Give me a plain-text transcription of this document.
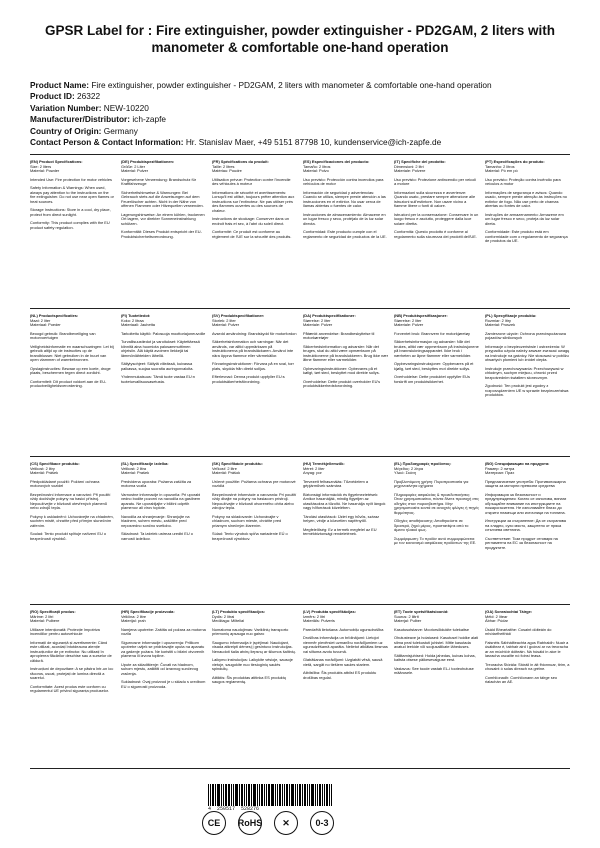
GPSR Label for : Fire extinguisher, powder extinguisher - PD2GAM, 2 liters with manometer & comfortable one-hand operation
Product Name: Fire extinguisher, powder extinguisher - PD2GAM, 2 liters with manometer & comfortable one-hand operation
Product ID: 26322
Variation Number: NEW-10220
Manufacturer/Distributor: ich-zapfe
Country of Origin: Germany
Contact Person & Contact Information: Hr. Stanislav Maer, +49 5151 87798 10, kundenservice@ich-zapfe.de

(EN) Product Specifications:

Size: 2 liters

Material: Powder

Intended Use: Fire protection for motor vehicles

Safety Information & Warnings: When used, always pay attention to the instructions on the fire extinguisher. Do not use near open flames or heat sources.

Storage Instructions: Store in a cool, dry place, protect from direct sunlight.

Conformity: This product complies with the EU product safety regulation.

(DE) Produktspezifikationen:

Größe: 2 Liter

Material: Pulver

Vorgesehene Verwendung: Brandschutz für Kraftfahrzeuge

Sicherheitshinweise & Warnungen: Bei Gebrauch stets auf die Anweisungen auf dem Feuerlöscher achten. Nicht in der Nähe von offenen Flammen oder Hitzequellen verwenden.

Lagerungshinweise: An einem kühlen, trockenen Ort lagern, vor direkter Sonneneinstrahlung schützen.

Konformität: Dieses Produkt entspricht der EU-Produktsicherheitsverordnung.

(FR) Spécifications du produit:

Taille: 2 litres

Matériau: Poudre

Utilisation prévue: Protection contre l'incendie des véhicules à moteur

Informations de sécurité et avertissements: Lorsqu'il est utilisé, toujours prêter attention aux instructions sur l'extincteur. Ne pas utiliser près des flammes ouvertes ou des sources de chaleur.

Instructions de stockage: Conserver dans un endroit frais et sec, à l'abri du soleil direct.

Conformité: Ce produit est conforme au règlement de l'UE sur la sécurité des produits.

(ES) Especificaciones del producto:

Tamaño: 2 litros

Material: Polvo

Uso previsto: Protección contra incendios para vehículos de motor

Información de seguridad y advertencias: Cuando se utiliza, siempre preste atención a las instrucciones en el extintor. No usar cerca de llamas abiertas o fuentes de calor.

Instrucciones de almacenamiento: Almacene en un lugar fresco y seco, protéjalo de la luz solar directa.

Conformidad: Este producto cumple con el reglamento de seguridad de productos de la UE.

(IT) Specifiche del prodotto:

Dimensioni: 2 litri

Materiale: Polvere

Uso previsto: Protezione antincendio per veicoli a motore

Informazioni sulla sicurezza e avvertenze: Quando usato, prestare sempre attenzione alle istruzioni sull'estintore. Non usare vicino a fiamme libere o fonti di calore.

Istruzioni per la conservazione: Conservare in un luogo fresco e asciutto, proteggere dalla luce solare diretta.

Conformità: Questo prodotto è conforme al regolamento sulla sicurezza dei prodotti dell'UE.

(PT) Especificações do produto:

Tamanho: 2 litros

Material: Pó em pó

Uso previsto: Proteção contra incêndio para veículos a motor

Informações de segurança e avisos: Quando usado, sempre preste atenção às instruções no extintor de fogo. Não use perto de chamas abertas ou fontes de calor.

Instruções de armazenamento: Armazene em um lugar fresco e seco, proteja da luz solar direta.

Conformidade: Este produto está em conformidade com o regulamento de segurança de produtos da UE.

(NL) Productspecificaties:

Maat: 2 liter

Materiaal: Poeder

Beoogd gebruik: Brandbeveiliging van motorvoertuigen

Veiligheidsinformatie en waarschuwingen: Let bij gebruik altijd op de instructies op de brandblusser. Niet gebruiken in de buurt van open vlammen of warmtebronnen.

Opslaginstructies: Bewaar op een koele, droge plaats, beschermen tegen direct zonlicht.

Conformiteit: Dit product voldoet aan de EU-productveiligheidsverordening.

(FI) Tuotetiedot:

Koko: 2 litraa

Materiaali: Jauhetta

Tarkoitettu käyttö: Palosuoja moottoriajoneuvoille

Turvallisuustiedot ja varoitukset: Käytettäessä kiinnitä aina huomiota palosammuttimen ohjeisiin. Älä käytä avoimen liekkejä tai lämmönlähteiden lähellä.

Säilytysohjeet: Säilytä viileässä, kuivassa paikassa, suojaa suoralta auringonvalolta.

Yhdenmukaisuus: Tämä tuote vastaa EU:n tuoteturvallisuusasetusta.

(SV) Produktspecifikationer:

Storlek: 2 liter

Material: Pulver

Avsedd användning: Brandskydd för motorfordon

Säkerhetsinformation och varningar: När det används, var alltid uppmärksam på instruktionerna på brandsläckaren. Använd inte nära öppna flammor eller värmekällor.

Förvaringsinstruktioner: Förvara på en sval, torr plats, skydda från direkt solljus.

Efterlevnad: Denna produkt uppfyller EU:s produktsäkerhetsförordning.

(DA) Produktspecifikationer:

Størrelse: 2 liter

Materiale: Pulver

Påtænkt anvendelse: Brandbeskyttelse til motorkøretøjer

Sikkerhedsinformation og advarsler: Når det bruges, skal du altid være opmærksom på instruktionerne på brandslukkeren. Brug ikke nær åbne flammer eller varmekilder.

Opbevaringsinstruktioner: Opbevares på et køligt, tørt sted, beskyttet mod direkte sollys.

Overholdelse: Dette produkt overholder EU's produktsikkerhedsforordning.

(NB) Produktspesifikasjoner:

Størrelse: 2 liter

Materiale: Pulver

Forventet bruk: Brannvern for motorkjøretøy

Sikkerhetsinformasjon og advarsler: Når det brukes, alltid vær oppmerksom på instruksjonene på brannslukningsapparatet. Ikke bruk i nærheten av åpne flammer eller varmekilder.

Oppbevaringsinstruksjoner: Oppbevares på et kjølig, tørt sted, beskyttes mot direkte sollys.

Overholdelse: Dette produktet oppfyller EUs forskrift om produktsikkerhet.

(PL) Specyfikacje produktu:

Rozmiar: 2 litry

Materiał: Proszek

Zamierzone użycie: Ochrona przeciwpożarowa pojazdów silnikowych

Informacje o bezpieczeństwie i ostrzeżenia: W przypadku użycia należy zawsze zwracać uwagę na instrukcje na gaśnicy. Nie stosować w pobliżu otwartych płomieni lub źródeł ciepła.

Instrukcje przechowywania: Przechowywać w chłodnym, suchym miejscu, chronić przed bezpośrednim światłem słonecznym.

Zgodność: Ten produkt jest zgodny z rozporządzeniem UE w sprawie bezpieczeństwa produktów.

(CS) Specifikace produktu:

Velikost: 2 litry

Materiál: Prášek

Předpokládané použití: Požární ochrana motorových vozidel

Bezpečnostní informace a varování: Při použití vždy dodržujte pokyny na hasicí přístroj. Nepoužívejte v blízkosti otevřených plamenů nebo zdrojů tepla.

Pokyny k uskladnění: Uchovávejte na chladném, suchém místě, chraňte před přímým slunečním zářením.

Soulad: Tento produkt splňuje nařízení EU o bezpečnosti výrobků.

(SL) Specifikacije izdelka:

Velikost: 2 litra

Material: Prašek

Predvidena uporaba: Požarna zaščita za motorna vozila

Varnostne informacije in opozorila: Pri uporabi vedno bodite pozorni na navodila na gasilnem aparatu. Ne uporabljajte v bližini odprtih plamenov ali virov toplote.

Navodila za shranjevanje: Shranjujte na hladnem, suhem mestu, zaščitite pred neposredno sončno svetlobo.

Skladnost: Ta izdelek ustreza uredbi EU o varnosti izdelkov.

(SK) Špecifikácie produktu:

Veľkosť: 2 litre

Materiál: Prášok

Určené použitie: Požiarna ochrana pre motorové vozidlá

Bezpečnostné informácie a varovania: Pri použití vždy dbajte na pokyny na hasiacom prístroji. Nepoužívajte v blízkosti otvoreného ohňa alebo zdrojov tepla.

Pokyny na skladovanie: Uchovávajte v chladnom, suchom mieste, chráňte pred priamym slnečným žiarením.

Súlad: Tento výrobok spĺňa nariadenie EÚ o bezpečnosti výrobkov.

(HU) Termékjellemzők:

Méret: 2 liter

Anyag: por

Tervezett felhasználás: Tűzvédelem a gépjárművek számára

Biztonsági információk és figyelmeztetések: Amikor használják, mindig figyeljen az utasításokra a tűzoltó. Ne használja nyílt lángok vagy hőforrások közelében.

Tárolási utasítások: Üzlet egy hűvös, száraz helyen, védje a közvetlen napfénytől.

Megfelelőség: Ez a termék megfelel az EU termékbiztonsági rendeletének.

(EL) Προδιαγραφές προϊόντος:

Μέγεθος: 2 λίτρα

Υλικό: Σκόνη

Προβλεπόμενη χρήση: Πυροπροστασία για μηχανοκίνητα οχήματα

Πληροφορίες ασφαλείας & προειδοποιήσεις: Όταν χρησιμοποιείται, πάντα δίνετε προσοχή στις οδηγίες στον πυροσβεστήρα. Μην χρησιμοποιείτε κοντά σε ανοιχτές φλόγες ή πηγές θερμότητας.

Οδηγίες αποθήκευσης: Αποθηκεύστε σε δροσερό, ξηρό μέρος, προστατέψτε από το άμεσο ηλιακό φως.

Συμμόρφωση: Το προϊόν αυτό συμμορφώνεται με τον κανονισμό ασφάλειας προϊόντων της ΕΕ.

(BG) Спецификации на продукта:

Размер: 2 литра

Материал: Прах

Предназначение употреба: Противопожарна защита за моторни превозни средства

Информация за безопасност и предупреждения: Когато се използва, винаги обръщайте внимание на инструкциите на пожарогасителя. Не използвайте близо до открити пламъци или източници на топлина.

Инструкции за съхранение: Да се съхранява на хладно, сухо място, защитено от пряка слънчева светлина.

Съответствие: Този продукт отговаря на регламента на ЕС за безопасност на продуктите.

(RO) Specificații produs:

Mărime: 2 litri

Material: Pulbere

Utilizare intenționată: Protecție împotriva incendiilor pentru autovehicule

Informații de siguranță și avertismente: Când este utilizat, acordați întotdeauna atenție instrucțiunilor de pe extinctor. Nu utilizați în apropierea flăcărilor deschise sau a surselor de căldură.

Instrucțiuni de depozitare: A se păstra într-un loc răcoros, uscat, protejați de lumina directă a soarelui.

Conformitate: Acest produs este conform cu regulamentul UE privind siguranța produselor.

(HR) Specifikacije proizvoda:

Veličina: 2 litre

Materijal: prah

Namjena upotrebe: Zaštita od požara za motorna vozila

Sigurnosne informacije i upozorenja: Prilikom upotrebe uvijek se pridržavajte uputa na aparatu za gašenje požara. Ne koristiti u blizini otvorenih plamena ili izvora topline.

Upute za skladištenje: Čuvati na hladnom, suhom mjestu, zaštititi od izravnog sunčevog zračenja.

Sukladnost: Ovaj proizvod je u skladu s uredbom EU o sigurnosti proizvoda.

(LT) Produkto specifikacijos:

Dydis: 2 litrai

Medžiaga: Milteliai

Numatoma naudojimas: Variklinių transporto priemonių apsauga nuo gaisro

Saugumo informacija ir įspėjimai: Naudojant, visada atkreipti dėmesį į gesintuvo instrukcijas. Nenaudoti šalia atvirų liepsnų ar šilumos šaltinių.

Laikymo instrukcijos: Laikykite vėsioje, sausoje vietoje, saugokite nuo tiesioginių saulės spindulių.

Atitiktis: Šis produktas atitinka ES produktų saugos reglamentą.

(LV) Produkta specifikācijas:

Izmērs: 2 litri

Materiāls: Pulveris

Paredzētā lietošana: Automobiļu ugunsdrošība

Drošības informācija un brīdinājumi: Lietojot vienmēr pievērsiet uzmanību norādījumiem uz ugunsdzēšamā aparāta. Nelietot atklātas liesmas vai siltuma avotu tuvumā.

Glabāšanas norādījumi: Uzglabāt vēsā, sausā vietā, sargāt no tiešiem saules stariem.

Atbilstība: Šis produkts atbilst ES produktu drošības regulai.

(ET) Toote spetsifikatsioonid:

Suurus: 2 liitrit

Materjal: Pulber

Kasutusotstarve: Mootorsõidukite tulekaitse

Ohutusteave ja hoiatused: Kasutusel hoidke alati silma peal tulekustuti juhistel. Mitte kasutada avatud leekide või soojusallikate läheduses.

Säilitamisjuhised: Hoida jahedas, kuivas kohas, kaitsta otsese päikesevalguse eest.

Vastavus: See toode vastab EL-i tooteohutuse määrusele.

(GA) Sonraíochtaí Táirge:

Méid: 2 lítear

Ábhar: Púdar

Úsáid Bheartaithe: Cosaint dóiteáin do mhótarfheithiclí

Faisnéis Sábháilteachta agus Rabhaidh: Nuair a úsáidtear é, tabhair aird i gcónaí ar na treoracha ar an múchtóir dóiteáin. Ná húsáid in aice le lasracha oscailte nó foinsí teasa.

Treoracha Stórála: Stóráil in áit fhionnuar, tirim, a chosaint ó solas díreach na gréine.

Comhlíonadh: Comhlíonann an táirge seo rialachán an AE.

4 250517 528276
CE	RoHS	✕	0-3
